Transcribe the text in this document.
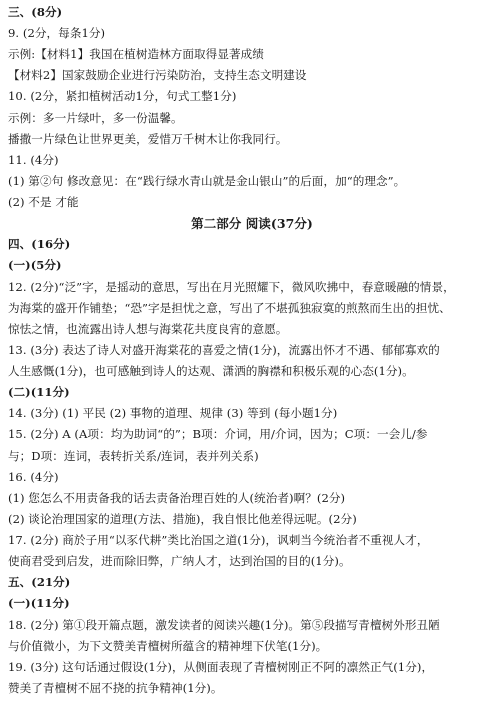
三、(8分)
9. (2分，每条1分)
示例:【材料1】我国在植树造林方面取得显著成绩
【材料2】国家鼓励企业进行污染防治，支持生态文明建设
10. (2分，紧扣植树活动1分，句式工整1分)
示例：多一片绿叶，多一份温馨。
播撒一片绿色让世界更美，爱惜万千树木让你我同行。
11. (4分)
(1) 第②句 修改意见：在“践行绿水青山就是金山银山”的后面，加“的理念”。
(2) 不是 才能
第二部分 阅读(37分)
四、(16分)
(一)(5分)
12. (2分)“泛”字，是摇动的意思，写出在月光照耀下，微风吹拂中，春意暖融的情景，
为海棠的盛开作铺垫；“恐”字是担忧之意，写出了不堪孤独寂寞的煎熬而生出的担忧、
惊怯之情，也流露出诗人想与海棠花共度良宵的意愿。
13. (3分) 表达了诗人对盛开海棠花的喜爱之情(1分)，流露出怀才不遇、郁郁寡欢的
人生感慨(1分)，也可感触到诗人的达观、潇洒的胸襟和积极乐观的心态(1分)。
(二)(11分)
14. (3分) (1) 平民 (2) 事物的道理、规律 (3) 等到 (每小题1分)
15. (2分) A (A项：均为助词“的”；B项：介词，用/介词，因为；C项：一会儿/参
与；D项：连词，表转折关系/连词，表并列关系)
16. (4分)
(1) 您怎么不用责备我的话去责备治理百姓的人(统治者)啊？(2分)
(2) 谈论治理国家的道理(方法、措施)，我自恨比他差得远呢。(2分)
17. (2分) 商於子用“以豕代耕”类比治国之道(1分)，讽刺当今统治者不重视人才，
使商君受到启发，进而除旧弊，广纳人才，达到治国的目的(1分)。
五、(21分)
(一)(11分)
18. (2分) 第①段开篇点题，激发读者的阅读兴趣(1分)。第⑤段描写青檀树外形丑陋
与价值微小，为下文赞美青檀树所蕴含的精神埋下伏笔(1分)。
19. (3分) 这句话通过假设(1分)，从侧面表现了青檀树刚正不阿的凛然正气(1分)，
赞美了青檀树不屈不挠的抗争精神(1分)。
